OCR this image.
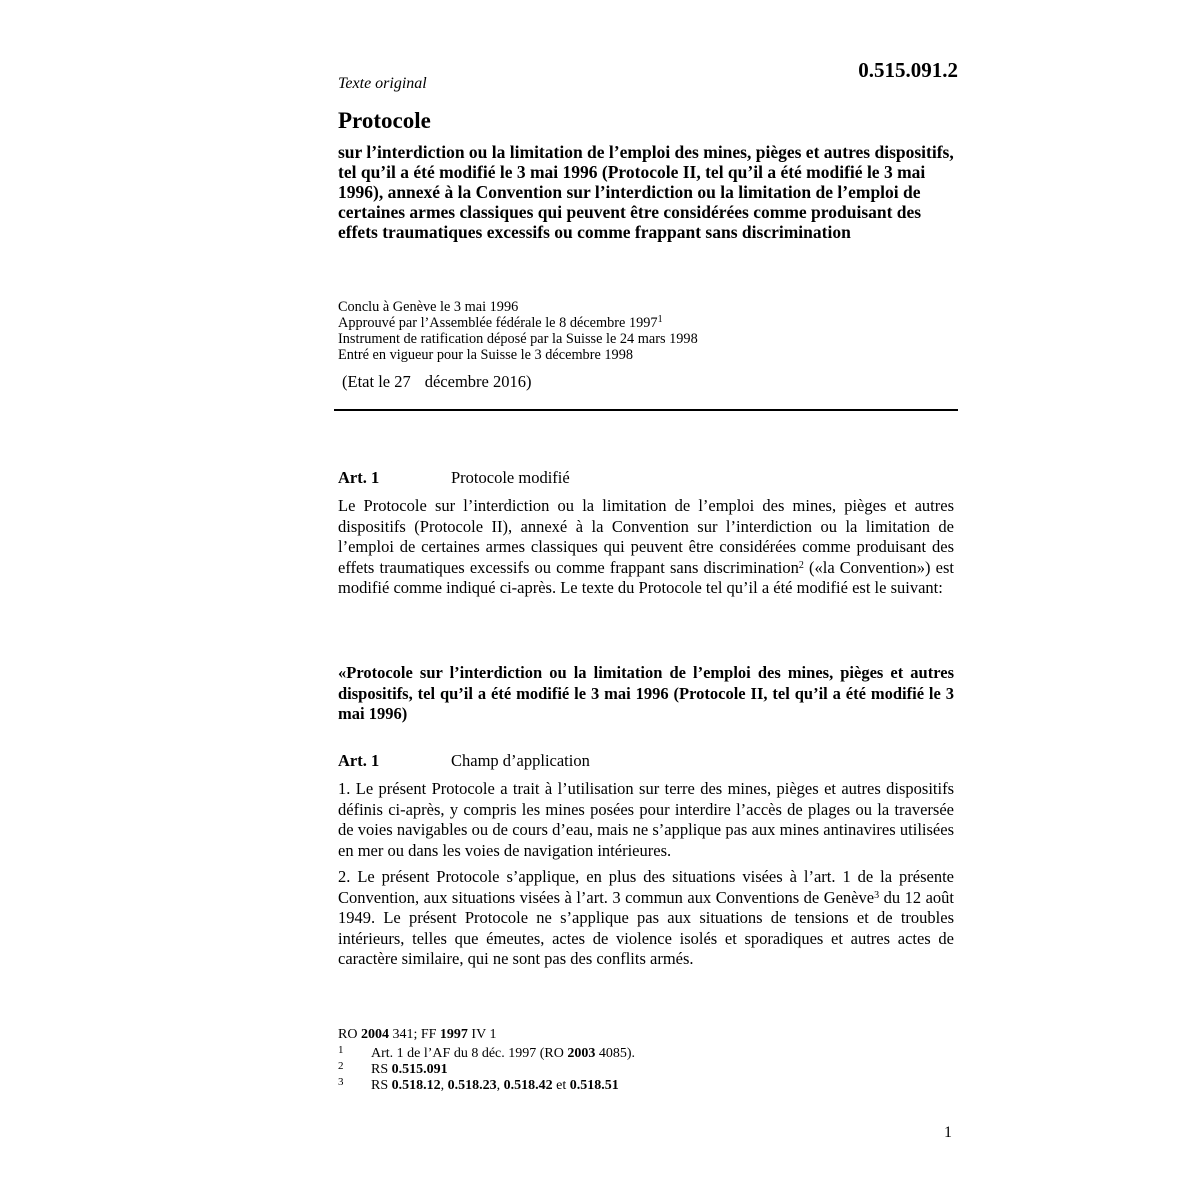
0.515.091.2
Texte original
Protocole
sur l’interdiction ou la limitation de l’emploi des mines, pièges et autres dispositifs, tel qu’il a été modifié le 3 mai 1996 (Protocole II, tel qu’il a été modifié le 3 mai 1996), annexé à la Convention sur l’interdiction ou la limitation de l’emploi de certaines armes classiques qui peuvent être considérées comme produisant des effets traumatiques excessifs ou comme frappant sans discrimination
Conclu à Genève le 3 mai 1996
Approuvé par l’Assemblée fédérale le 8 décembre 1997$^1$
Instrument de ratification déposé par la Suisse le 24 mars 1998
Entré en vigueur pour la Suisse le 3 décembre 1998
(Etat le 27 décembre 2016)
Art. 1	Protocole modifié

Le Protocole sur l’interdiction ou la limitation de l’emploi des mines, pièges et autres dispositifs (Protocole II), annexé à la Convention sur l’interdiction ou la limitation de l’emploi de certaines armes classiques qui peuvent être considérées comme produisant des effets traumatiques excessifs ou comme frappant sans discrimination$^2$ («la Convention») est modifié comme indiqué ci-après. Le texte du Protocole tel qu’il a été modifié est le suivant:

«Protocole sur l’interdiction ou la limitation de l’emploi des mines, pièges et autres dispositifs, tel qu’il a été modifié le 3 mai 1996 (Protocole II, tel qu’il a été modifié le 3 mai 1996)
Art. 1	Champ d’application

1. Le présent Protocole a trait à l’utilisation sur terre des mines, pièges et autres dispositifs définis ci-après, y compris les mines posées pour interdire l’accès de plages ou la traversée de voies navigables ou de cours d’eau, mais ne s’applique pas aux mines antinavires utilisées en mer ou dans les voies de navigation intérieures.

2. Le présent Protocole s’applique, en plus des situations visées à l’art. 1 de la présente Convention, aux situations visées à l’art. 3 commun aux Conventions de Genève$^3$ du 12 août 1949. Le présent Protocole ne s’applique pas aux situations de tensions et de troubles intérieurs, telles que émeutes, actes de violence isolés et sporadiques et autres actes de caractère similaire, qui ne sont pas des conflits armés.

RO 2004 341; FF 1997 IV 1
1 Art. 1 de l’AF du 8 déc. 1997 (RO 2003 4085).
2 RS 0.515.091
3 RS 0.518.12, 0.518.23, 0.518.42 et 0.518.51
1
